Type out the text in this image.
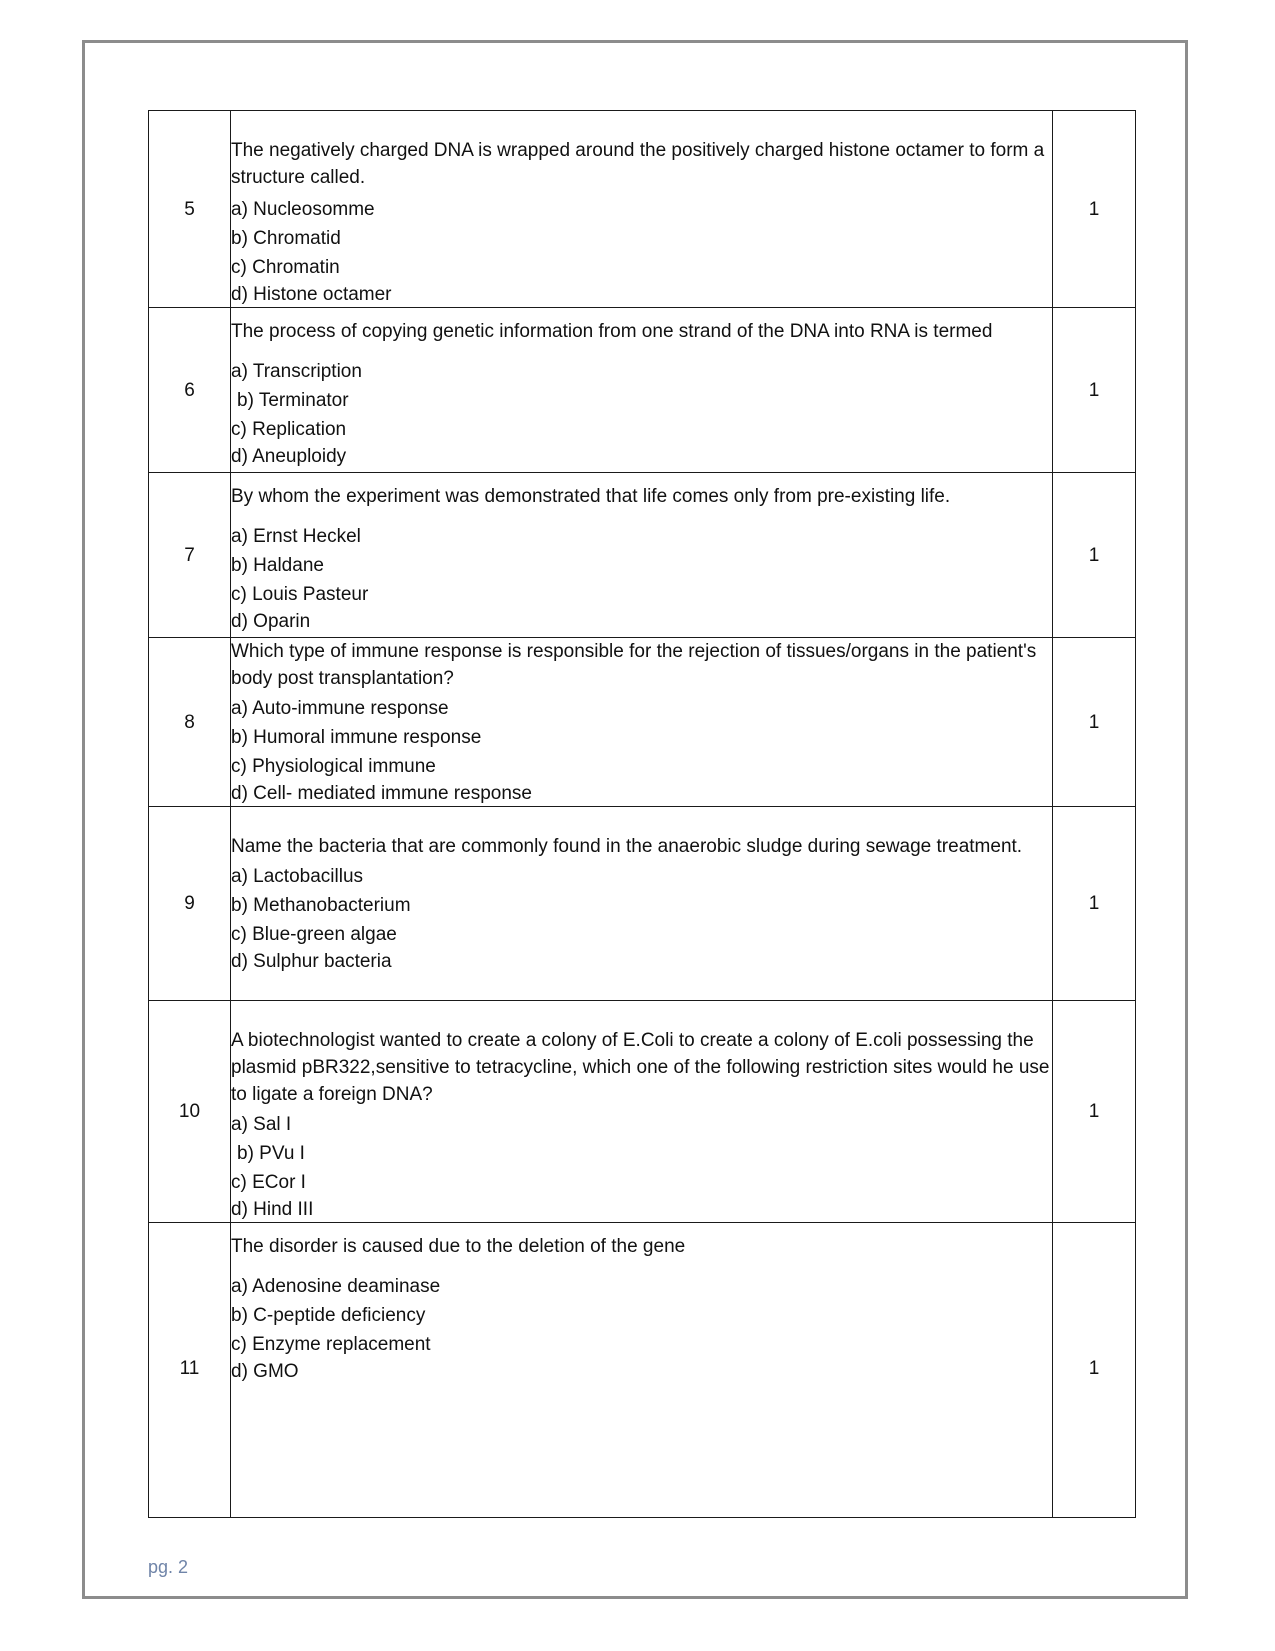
5	The negatively charged DNA is wrapped around the positively charged histone octamer to form a structure called.
a) Nucleosomme
b) Chromatid
c) Chromatin
d) Histone octamer	1
6	The process of copying genetic information from one strand of the DNA into RNA is termed
a) Transcription
b) Terminator
c) Replication
d) Aneuploidy	1
7	By whom the experiment was demonstrated that life comes only from pre-existing life.
a) Ernst Heckel
b) Haldane
c) Louis Pasteur
d) Oparin	1
8	Which type of immune response is responsible for the rejection of tissues/organs in the patient's body post transplantation?
a) Auto-immune response
b) Humoral immune response
c) Physiological immune
d) Cell- mediated immune response	1
9	Name the bacteria that are commonly found in the anaerobic sludge during sewage treatment.
a) Lactobacillus
b) Methanobacterium
c) Blue-green algae
d) Sulphur bacteria	1
10	A biotechnologist wanted to create a colony of E.Coli to create a colony of E.coli possessing the plasmid pBR322,sensitive to tetracycline, which one of the following restriction sites would he use to ligate a foreign DNA?
a) Sal I
b) PVu I
c) ECor I
d) Hind III	1
11	The disorder is caused due to the deletion of the gene
a) Adenosine deaminase
b) C-peptide deficiency
c) Enzyme replacement
d) GMO	1
pg. 2
